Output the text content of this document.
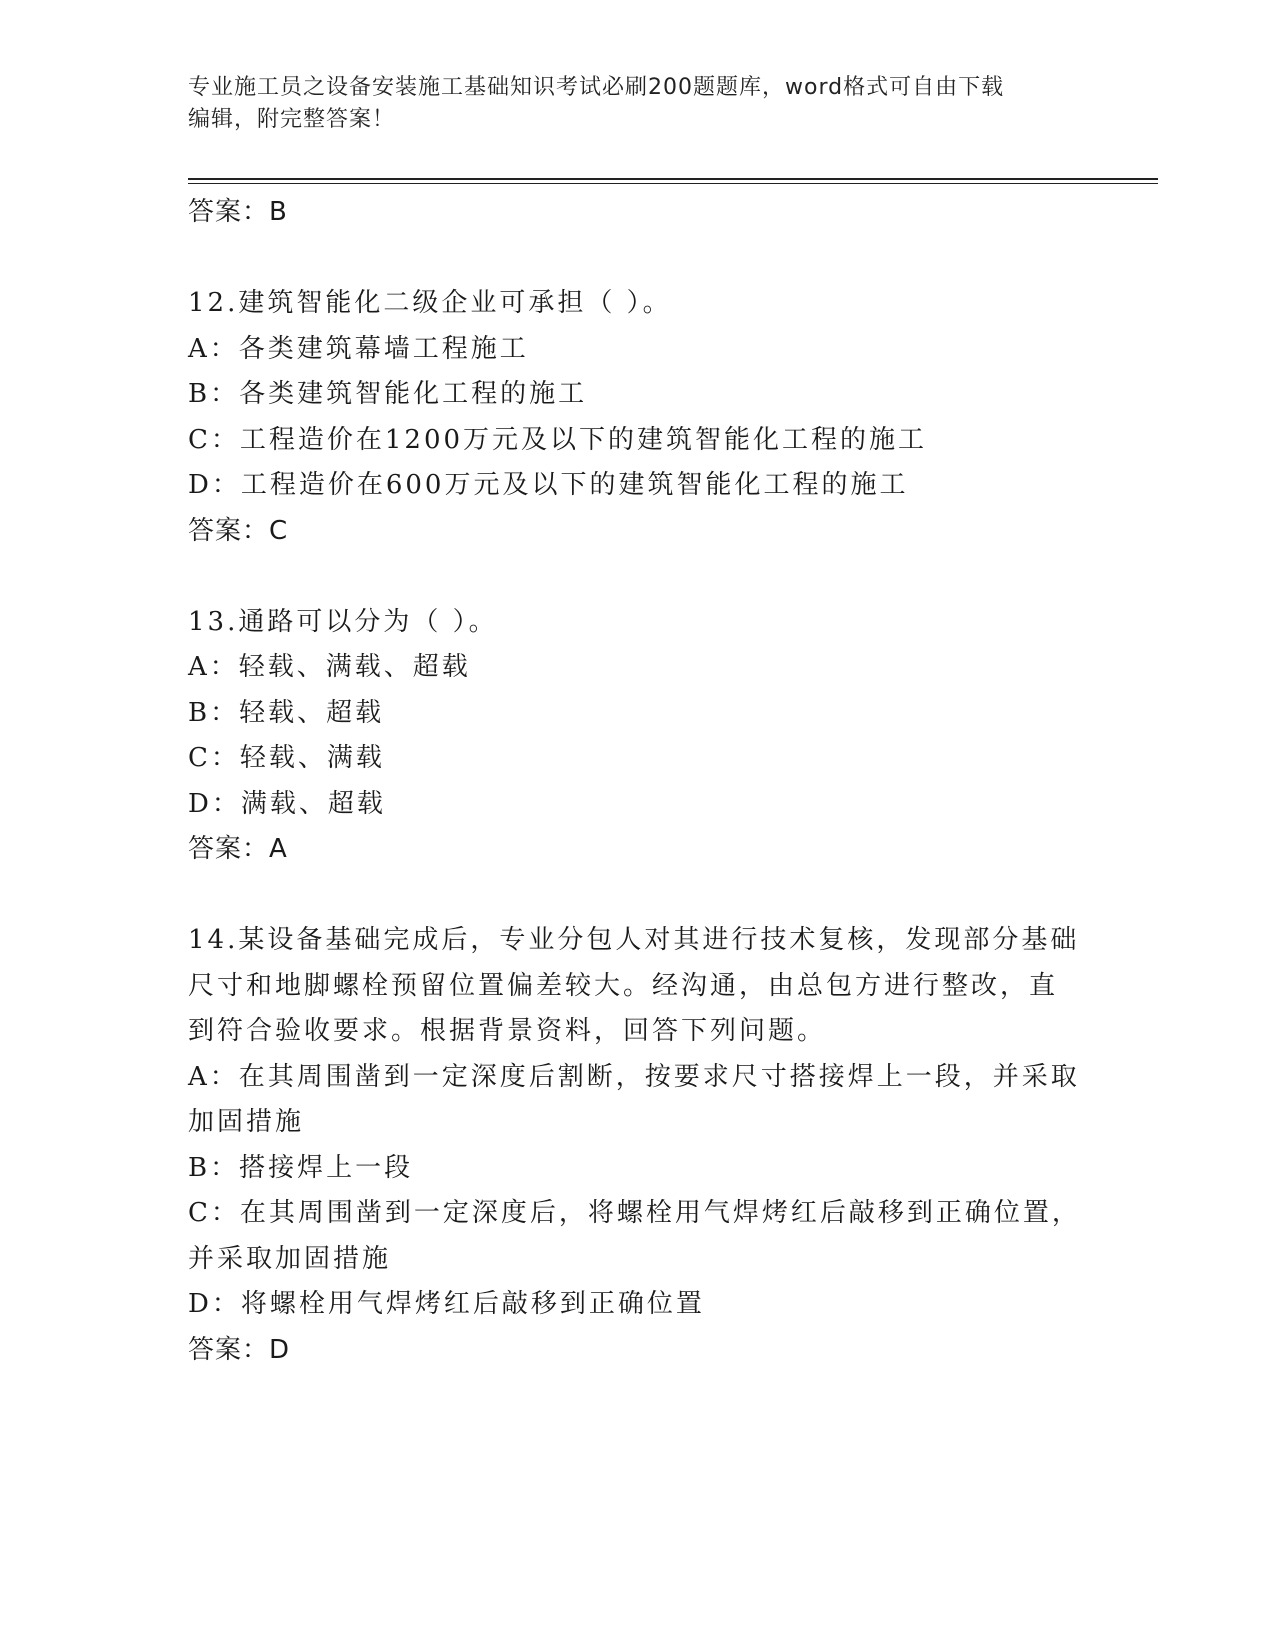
专业施工员之设备安装施工基础知识考试必刷200题题库，word格式可自由下载
编辑，附完整答案！
答案：B
12.建筑智能化二级企业可承担（ ）。
A：各类建筑幕墙工程施工
B：各类建筑智能化工程的施工
C：工程造价在1200万元及以下的建筑智能化工程的施工
D：工程造价在600万元及以下的建筑智能化工程的施工
答案：C
13.通路可以分为（ ）。
A：轻载、满载、超载
B：轻载、超载
C：轻载、满载
D：满载、超载
答案：A
14.某设备基础完成后，专业分包人对其进行技术复核，发现部分基础
尺寸和地脚螺栓预留位置偏差较大。经沟通，由总包方进行整改，直
到符合验收要求。根据背景资料，回答下列问题。
A：在其周围凿到一定深度后割断，按要求尺寸搭接焊上一段，并采取
加固措施
B：搭接焊上一段
C：在其周围凿到一定深度后，将螺栓用气焊烤红后敲移到正确位置，
并采取加固措施
D：将螺栓用气焊烤红后敲移到正确位置
答案：D
